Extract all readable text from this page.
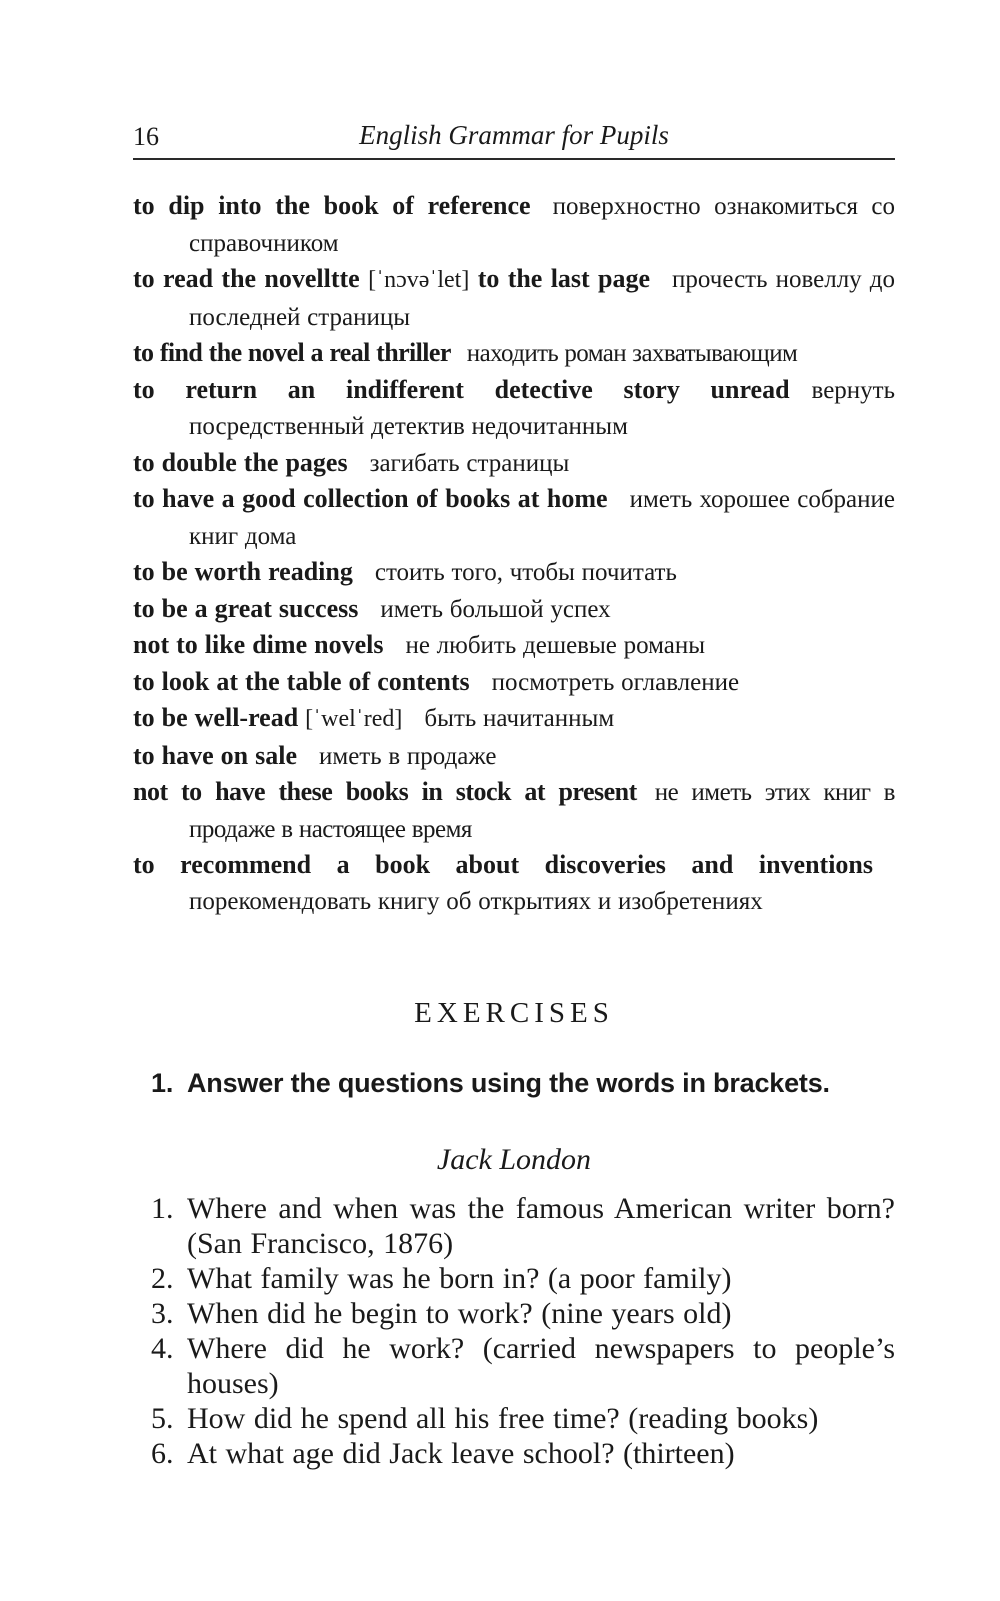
16	English Grammar for Pupils
to dip into the book of reference поверхностно ознакомиться со справочником
to read the novelltte [ˈnɔvəˈlet] to the last page прочесть новеллу до последней страницы
to find the novel a real thriller находить роман захватывающим
to return an indifferent detective story unread вернуть посредственный детектив недочитанным
to double the pages загибать страницы
to have a good collection of books at home иметь хорошее собрание книг дома
to be worth reading стоить того, чтобы почитать
to be a great success иметь большой успех
not to like dime novels не любить дешевые романы
to look at the table of contents посмотреть оглавление
to be well-read [ˈwelˈred] быть начитанным
to have on sale иметь в продаже
not to have these books in stock at present не иметь этих книг в продаже в настоящее время
to recommend a book about discoveries and inventionsпорекомендовать книгу об открытиях и изобретениях
EXERCISES
1. Answer the questions using the words in brackets.
Jack London
1. Where and when was the famous American writer born? (San Francisco, 1876)
2. What family was he born in? (a poor family)
3. When did he begin to work? (nine years old)
4. Where did he work? (carried newspapers to people’s houses)
5. How did he spend all his free time? (reading books)
6. At what age did Jack leave school? (thirteen)
